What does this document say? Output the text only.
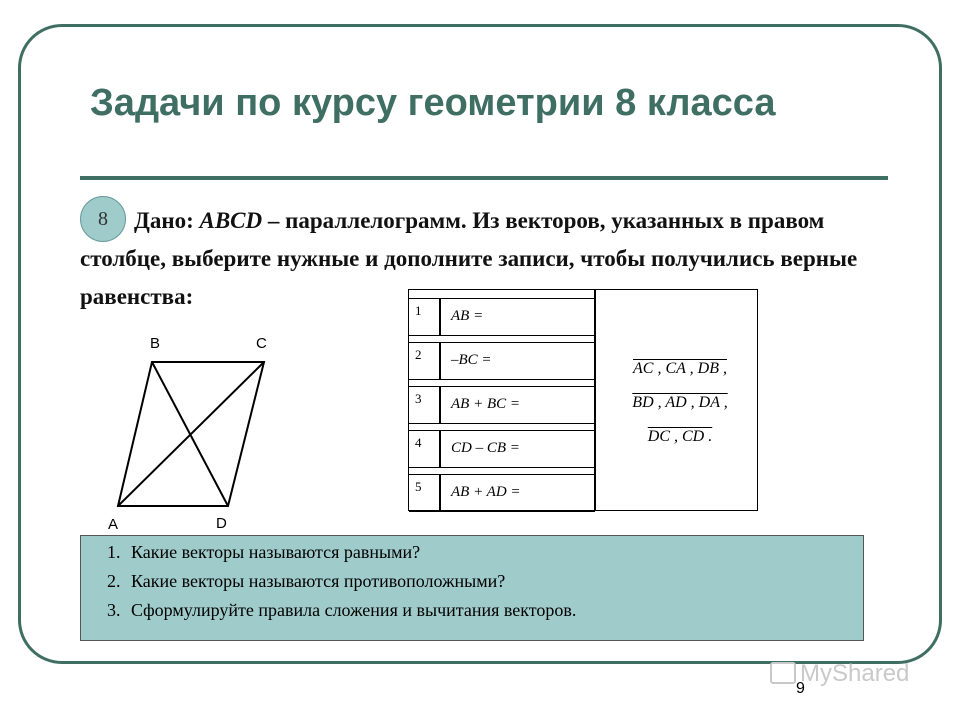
Задачи по курсу геометрии 8 класса
8	Дано: ABCD – параллелограмм. Из векторов, указанных в правом столбце, выберите нужные и дополните записи, чтобы получились верные равенства:

B	C
A	D
1 AB =
2 –BC =
3 AB + BC =
4 CD – CB =
5 AB + AD =
AC , CA , DB ,
BD , AD , DA ,
DC , CD .
1. Какие векторы называются равными?
2. Какие векторы называются противоположными?
3. Сформулируйте правила сложения и вычитания векторов.
MyShared
9
